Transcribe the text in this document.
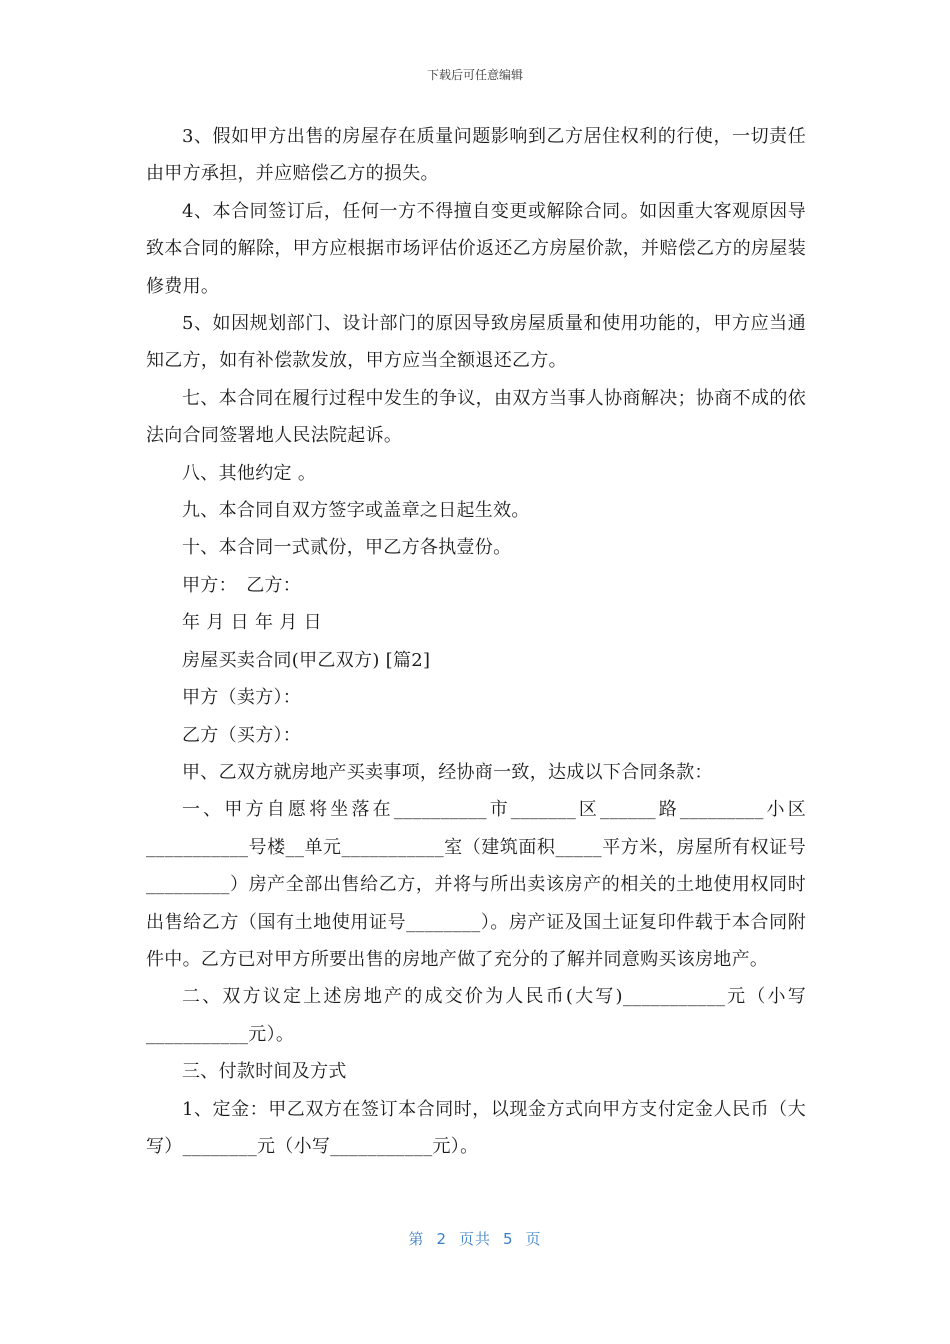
下载后可任意编辑

3、假如甲方出售的房屋存在质量问题影响到乙方居住权利的行使，一切责任由甲方承担，并应赔偿乙方的损失。

4、本合同签订后，任何一方不得擅自变更或解除合同。如因重大客观原因导致本合同的解除，甲方应根据市场评估价返还乙方房屋价款，并赔偿乙方的房屋装修费用。

5、如因规划部门、设计部门的原因导致房屋质量和使用功能的，甲方应当通知乙方，如有补偿款发放，甲方应当全额退还乙方。

七、本合同在履行过程中发生的争议，由双方当事人协商解决；协商不成的依法向合同签署地人民法院起诉。

八、其他约定 。

九、本合同自双方签字或盖章之日起生效。

十、本合同一式贰份，甲乙方各执壹份。

甲方：　乙方：

年 月 日 年 月 日

房屋买卖合同(甲乙双方) [篇2]

甲方（卖方）：

乙方（买方）：

甲、乙双方就房地产买卖事项，经协商一致，达成以下合同条款：

一、甲方自愿将坐落在__________市_______区______路_________小区___________号楼__单元___________室（建筑面积_____平方米，房屋所有权证号_________）房产全部出售给乙方，并将与所出卖该房产的相关的土地使用权同时出售给乙方（国有土地使用证号________）。房产证及国土证复印件载于本合同附件中。乙方已对甲方所要出售的房地产做了充分的了解并同意购买该房地产。

二、双方议定上述房地产的成交价为人民币(大写)___________元（小写___________元）。

三、付款时间及方式

1、定金：甲乙双方在签订本合同时，以现金方式向甲方支付定金人民币（大写）________元（小写___________元）。

第 2 页共 5 页
